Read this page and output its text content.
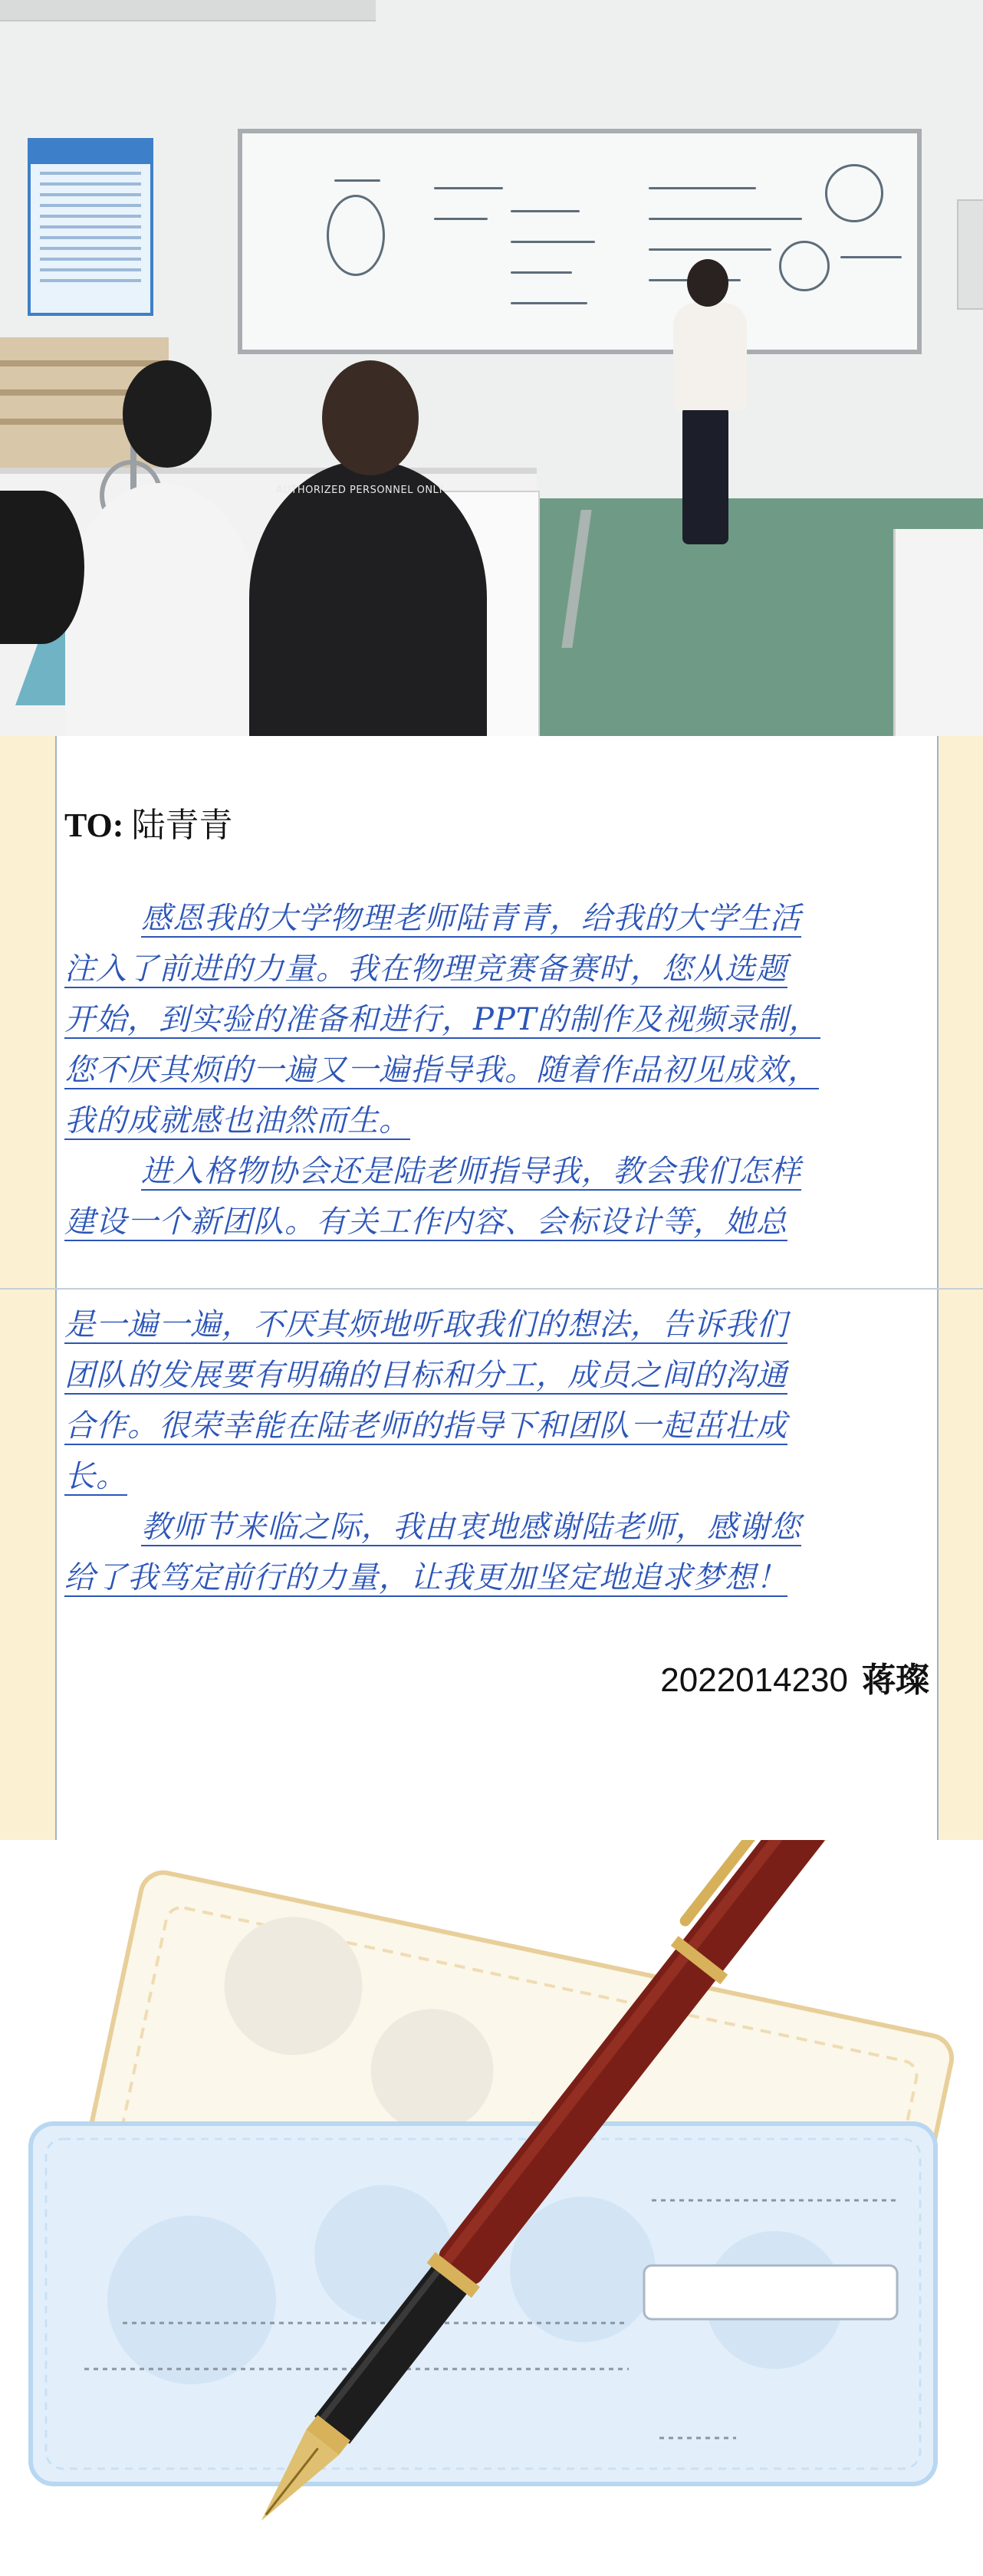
AUTHORIZED PERSONNEL ONLY
TO: 陆青青
感恩我的大学物理老师陆青青，给我的大学生活
注入了前进的力量。我在物理竞赛备赛时，您从选题
开始，到实验的准备和进行，PPT的制作及视频录制，
您不厌其烦的一遍又一遍指导我。随着作品初见成效，
我的成就感也油然而生。
进入格物协会还是陆老师指导我，教会我们怎样
建设一个新团队。有关工作内容、会标设计等，她总
是一遍一遍，不厌其烦地听取我们的想法，告诉我们
团队的发展要有明确的目标和分工，成员之间的沟通
合作。很荣幸能在陆老师的指导下和团队一起茁壮成
长。
教师节来临之际，我由衷地感谢陆老师，感谢您
给了我笃定前行的力量，让我更加坚定地追求梦想！
2022014230 蒋璨
